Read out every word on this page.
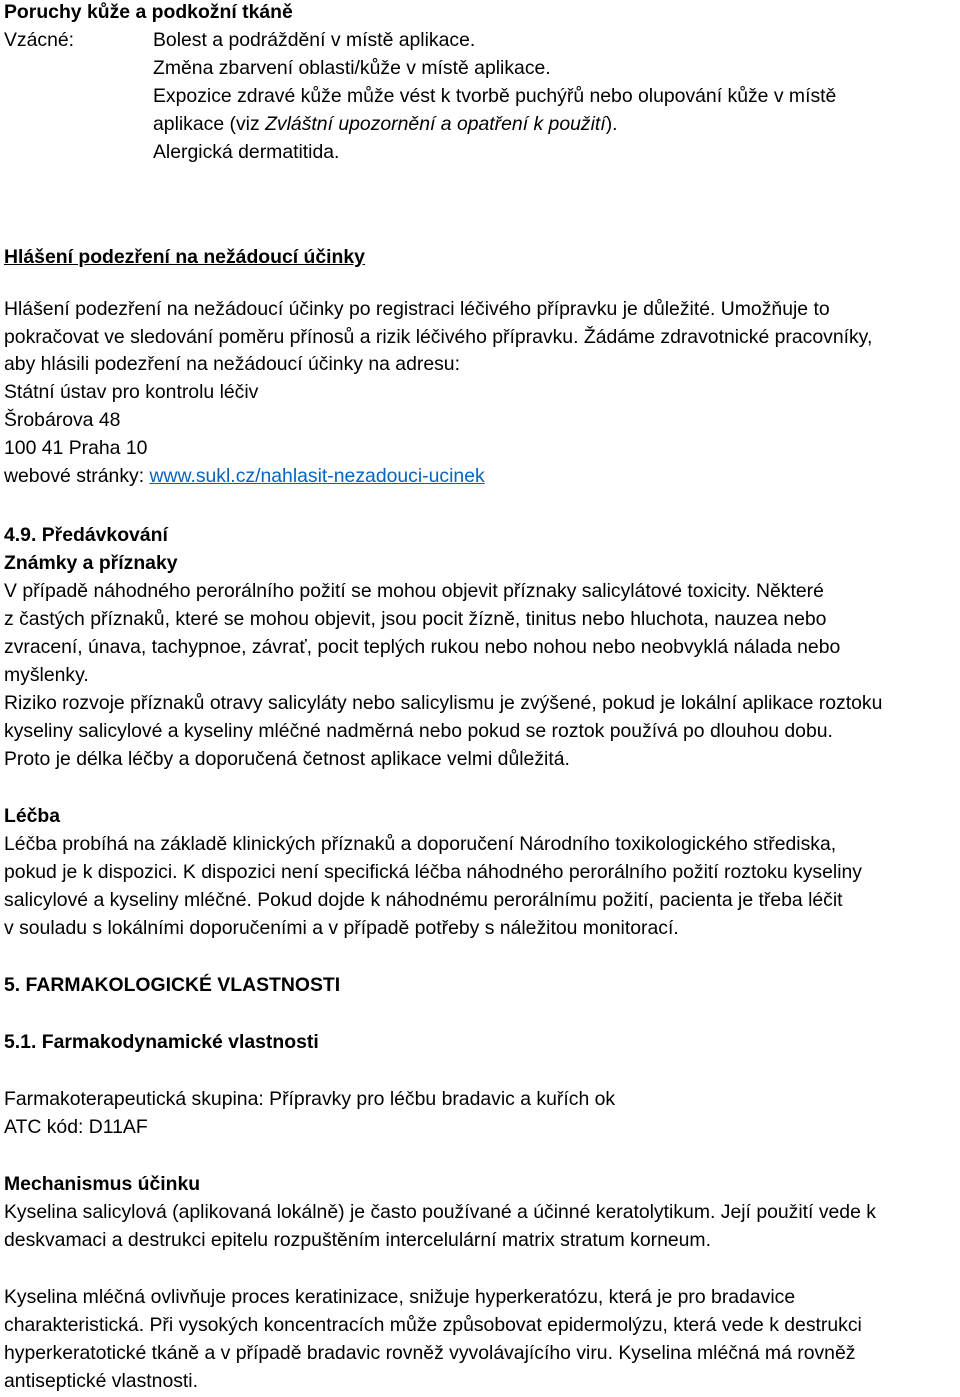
Poruchy kůže a podkožní tkáně
Vzácné:	Bolest a podráždění v místě aplikace.
Změna zbarvení oblasti/kůže v místě aplikace.
Expozice zdravé kůže může vést k tvorbě puchýřů nebo olupování kůže v místě
aplikace (viz Zvláštní upozornění a opatření k použití).
Alergická dermatitida.
Hlášení podezření na nežádoucí účinky
Hlášení podezření na nežádoucí účinky po registraci léčivého přípravku je důležité. Umožňuje to
pokračovat ve sledování poměru přínosů a rizik léčivého přípravku. Žádáme zdravotnické pracovníky,
aby hlásili podezření na nežádoucí účinky na adresu:
Státní ústav pro kontrolu léčiv
Šrobárova 48
100 41 Praha 10
webové stránky: www.sukl.cz/nahlasit-nezadouci-ucinek
4.9. Předávkování
Známky a příznaky
V případě náhodného perorálního požití se mohou objevit příznaky salicylátové toxicity. Některé
z častých příznaků, které se mohou objevit, jsou pocit žízně, tinitus nebo hluchota, nauzea nebo
zvracení, únava, tachypnoe, závrať, pocit teplých rukou nebo nohou nebo neobvyklá nálada nebo
myšlenky.
Riziko rozvoje příznaků otravy salicyláty nebo salicylismu je zvýšené, pokud je lokální aplikace roztoku
kyseliny salicylové a kyseliny mléčné nadměrná nebo pokud se roztok používá po dlouhou dobu.
Proto je délka léčby a doporučená četnost aplikace velmi důležitá.
Léčba
Léčba probíhá na základě klinických příznaků a doporučení Národního toxikologického střediska,
pokud je k dispozici. K dispozici není specifická léčba náhodného perorálního požití roztoku kyseliny
salicylové a kyseliny mléčné. Pokud dojde k náhodnému perorálnímu požití, pacienta je třeba léčit
v souladu s lokálními doporučeními a v případě potřeby s náležitou monitorací.
5. FARMAKOLOGICKÉ VLASTNOSTI
5.1. Farmakodynamické vlastnosti
Farmakoterapeutická skupina: Přípravky pro léčbu bradavic a kuřích ok
ATC kód: D11AF
Mechanismus účinku
Kyselina salicylová (aplikovaná lokálně) je často používané a účinné keratolytikum. Její použití vede k
deskvamaci a destrukci epitelu rozpuštěním intercelulární matrix stratum korneum.
Kyselina mléčná ovlivňuje proces keratinizace, snižuje hyperkeratózu, která je pro bradavice
charakteristická. Při vysokých koncentracích může způsobovat epidermolýzu, která vede k destrukci
hyperkeratotické tkáně a v případě bradavic rovněž vyvolávajícího viru. Kyselina mléčná má rovněž
antiseptické vlastnosti.
